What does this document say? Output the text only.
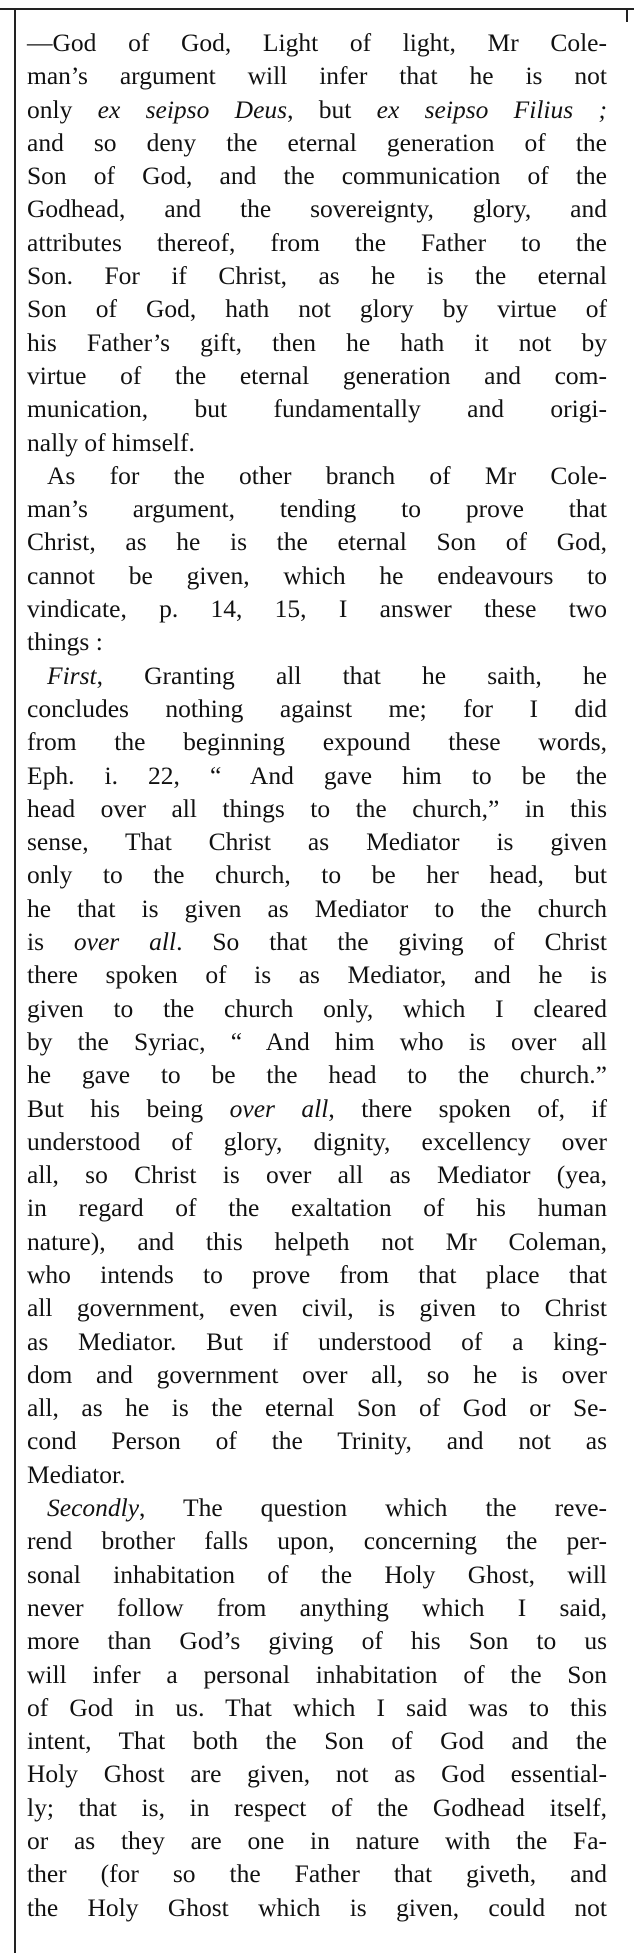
—God of God, Light of light, Mr Cole-
man’s argument will infer that he is not
only ex seipso Deus, but ex seipso Filius ;
and so deny the eternal generation of the
Son of God, and the communication of the
Godhead, and the sovereignty, glory, and
attributes thereof, from the Father to the
Son. For if Christ, as he is the eternal
Son of God, hath not glory by virtue of
his Father’s gift, then he hath it not by
virtue of the eternal generation and com-
munication, but fundamentally and origi-
nally of himself.
As for the other branch of Mr Cole-
man’s argument, tending to prove that
Christ, as he is the eternal Son of God,
cannot be given, which he endeavours to
vindicate, p. 14, 15, I answer these two
things :
First, Granting all that he saith, he
concludes nothing against me; for I did
from the beginning expound these words,
Eph. i. 22, “ And gave him to be the
head over all things to the church,” in this
sense, That Christ as Mediator is given
only to the church, to be her head, but
he that is given as Mediator to the church
is over all. So that the giving of Christ
there spoken of is as Mediator, and he is
given to the church only, which I cleared
by the Syriac, “ And him who is over all
he gave to be the head to the church.”
But his being over all, there spoken of, if
understood of glory, dignity, excellency over
all, so Christ is over all as Mediator (yea,
in regard of the exaltation of his human
nature), and this helpeth not Mr Coleman,
who intends to prove from that place that
all government, even civil, is given to Christ
as Mediator. But if understood of a king-
dom and government over all, so he is over
all, as he is the eternal Son of God or Se-
cond Person of the Trinity, and not as
Mediator.
Secondly, The question which the reve-
rend brother falls upon, concerning the per-
sonal inhabitation of the Holy Ghost, will
never follow from anything which I said,
more than God’s giving of his Son to us
will infer a personal inhabitation of the Son
of God in us. That which I said was to this
intent, That both the Son of God and the
Holy Ghost are given, not as God essential-
ly; that is, in respect of the Godhead itself,
or as they are one in nature with the Fa-
ther (for so the Father that giveth, and
the Holy Ghost which is given, could not
